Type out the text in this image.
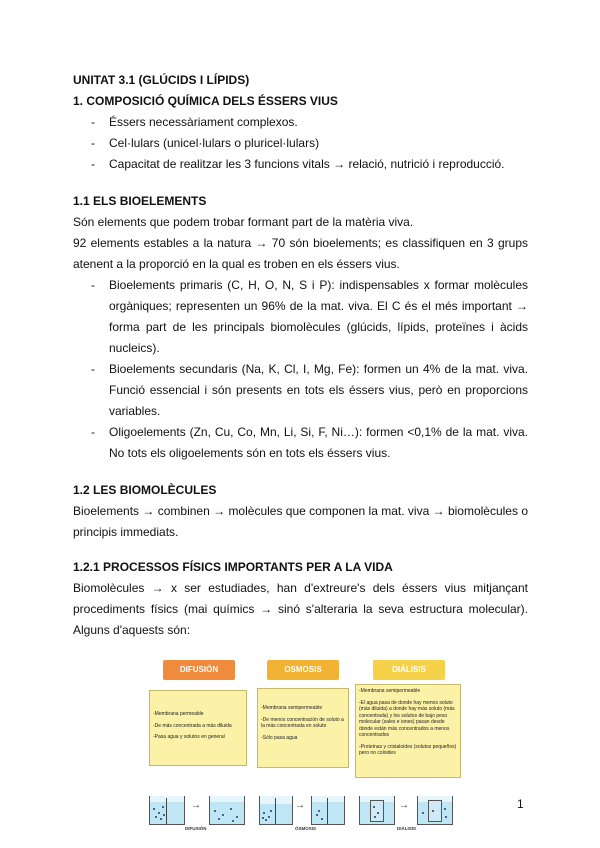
UNITAT 3.1 (GLÚCIDS I LÍPIDS)
1. COMPOSICIÓ QUÍMICA DELS ÉSSERS VIUS
- Éssers necessàriament complexos.
- Cel·lulars (unicel·lulars o pluricel·lulars)
- Capacitat de realitzar les 3 funcions vitals → relació, nutrició i reproducció.
1.1 ELS BIOELEMENTS

Són elements que podem trobar formant part de la matèria viva.

92 elements estables a la natura → 70 són bioelements; es classifiquen en 3 grups atenent a la proporció en la qual es troben en els éssers vius.

- Bioelements primaris (C, H, O, N, S i P): indispensables x formar molècules orgàniques; representen un 96% de la mat. viva. El C és el més important → forma part de les principals biomolècules (glúcids, lípids, proteïnes i àcids nucleics).
- Bioelements secundaris (Na, K, Cl, I, Mg, Fe): formen un 4% de la mat. viva. Funció essencial i són presents en tots els éssers vius, però en proporcions variables.
- Oligoelements (Zn, Cu, Co, Mn, Li, Si, F, Ni…): formen <0,1% de la mat. viva. No tots els oligoelements són en tots els éssers vius.
1.2 LES BIOMOLÈCULES

Bioelements → combinen → molècules que componen la mat. viva → biomolècules o principis immediats.

1.2.1 PROCESSOS FÍSICS IMPORTANTS PER A LA VIDA

Biomolècules → x ser estudiades, han d'extreure's dels éssers vius mitjançant procediments físics (mai químics → sinó s'alteraria la seva estructura molecular). Alguns d'aquests són:

DIFUSIÓN
-Membrana permeable
-De más concentrada a más diluida
-Pasa agua y solutos en general
OSMOSIS
-Membrana semipermeable
-De menos concentración de soluto a la más concentrada en soluto
-Sólo pasa agua
DIÁLISIS
-Membrana semipermeable
-El agua pasa de donde hay menos soluto (más diluida) a donde hay más soluto (más concentrada) y los solutos de bajo peso molecular (sales e iones) pasan desde donde están más concentrados a menos concentrados
-Proteínas y cristaloides (solutos pequeños) pero no coloides
→
DIFUSIÓN
→
ÓSMOSIS
→
DIÁLISIS
1
